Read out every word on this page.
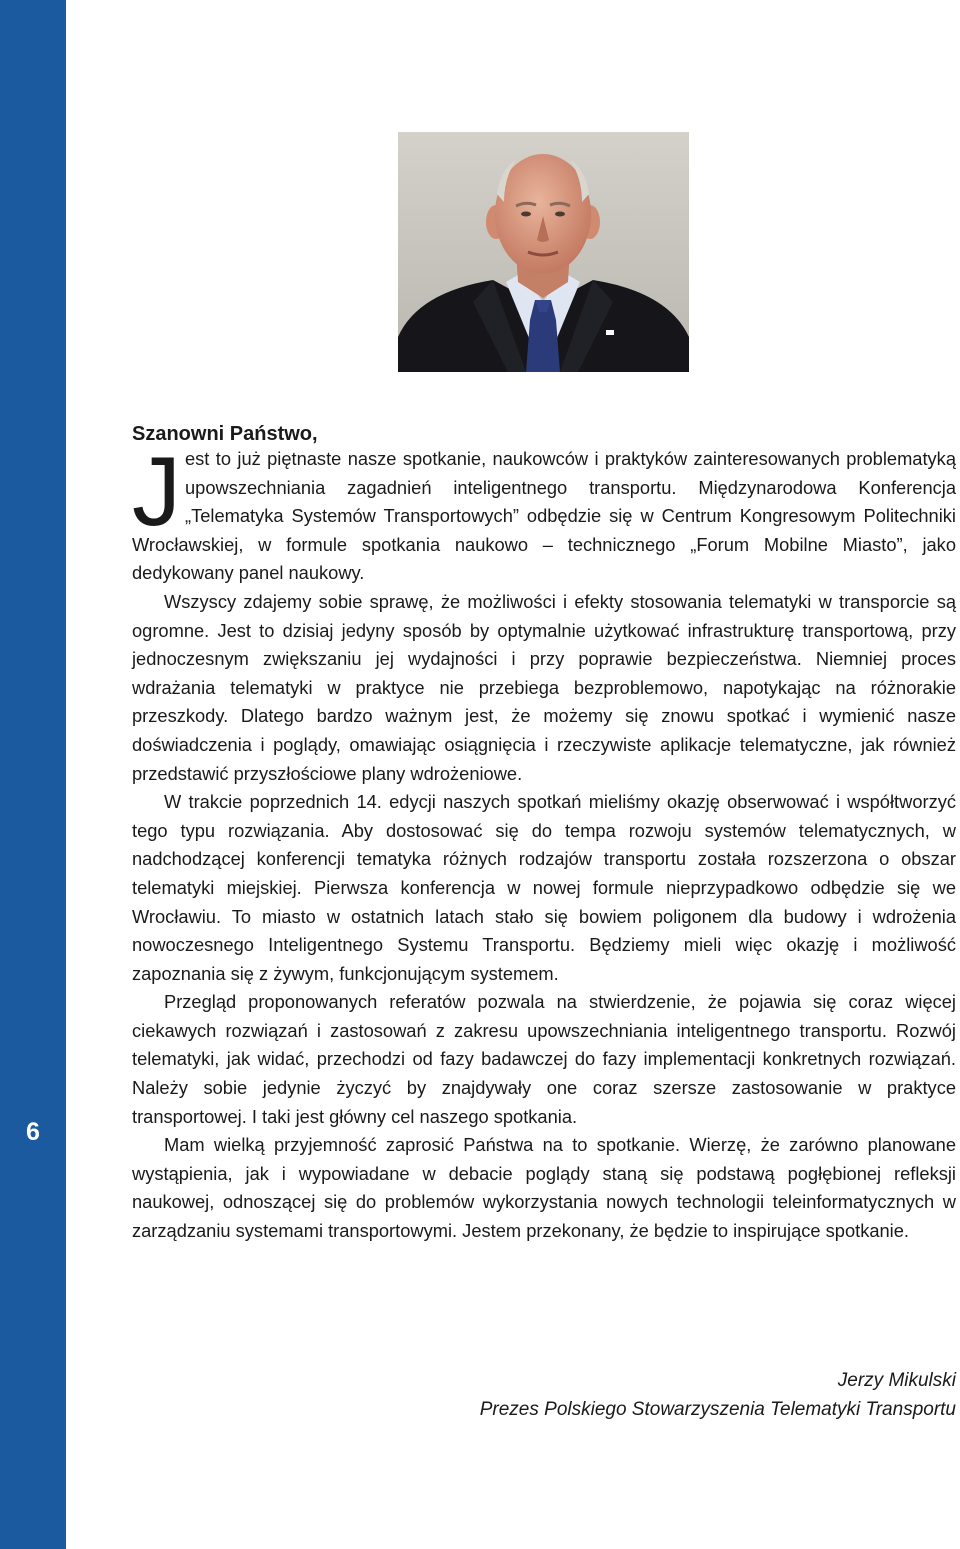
6
Szanowni Państwo,

Jest to już piętnaste nasze spotkanie, naukowców i praktyków zainteresowanych problematyką upowszechniania zagadnień inteligentnego transportu. Międzynarodowa Konferencja „Telematyka Systemów Transportowych” odbędzie się w Centrum Kongresowym Politechniki Wrocławskiej, w formule spotkania naukowo – technicznego „Forum Mobilne Miasto”, jako dedykowany panel naukowy.

Wszyscy zdajemy sobie sprawę, że możliwości i efekty stosowania telematyki w transporcie są ogromne. Jest to dzisiaj jedyny sposób by optymalnie użytkować infrastrukturę transportową, przy jednoczesnym zwiększaniu jej wydajności i przy poprawie bezpieczeństwa. Niemniej proces wdrażania telematyki w praktyce nie przebiega bezproblemowo, napotykając na różnorakie przeszkody. Dlatego bardzo ważnym jest, że możemy się znowu spotkać i wymienić nasze doświadczenia i poglądy, omawiając osiągnięcia i rzeczywiste aplikacje telematyczne, jak również przedstawić przyszłościowe plany wdrożeniowe.

W trakcie poprzednich 14. edycji naszych spotkań mieliśmy okazję obserwować i współtworzyć tego typu rozwiązania. Aby dostosować się do tempa rozwoju systemów telematycznych, w nadchodzącej konferencji tematyka różnych rodzajów transportu została rozszerzona o obszar telematyki miejskiej. Pierwsza konferencja w nowej formule nieprzypadkowo odbędzie się we Wrocławiu. To miasto w ostatnich latach stało się bowiem poligonem dla budowy i wdrożenia nowoczesnego Inteligentnego Systemu Transportu. Będziemy mieli więc okazję i możliwość zapoznania się z żywym, funkcjonującym systemem.

Przegląd proponowanych referatów pozwala na stwierdzenie, że pojawia się coraz więcej ciekawych rozwiązań i zastosowań z zakresu upowszechniania inteligentnego transportu. Rozwój telematyki, jak widać, przechodzi od fazy badawczej do fazy implementacji konkretnych rozwiązań. Należy sobie jedynie życzyć by znajdywały one coraz szersze zastosowanie w praktyce transportowej. I taki jest główny cel naszego spotkania.

Mam wielką przyjemność zaprosić Państwa na to spotkanie. Wierzę, że zarówno planowane wystąpienia, jak i wypowiadane w debacie poglądy staną się podstawą pogłębionej refleksji naukowej, odnoszącej się do problemów wykorzystania nowych technologii teleinformatycznych w zarządzaniu systemami transportowymi. Jestem przekonany, że będzie to inspirujące spotkanie.

Jerzy Mikulski
Prezes Polskiego Stowarzyszenia Telematyki Transportu
